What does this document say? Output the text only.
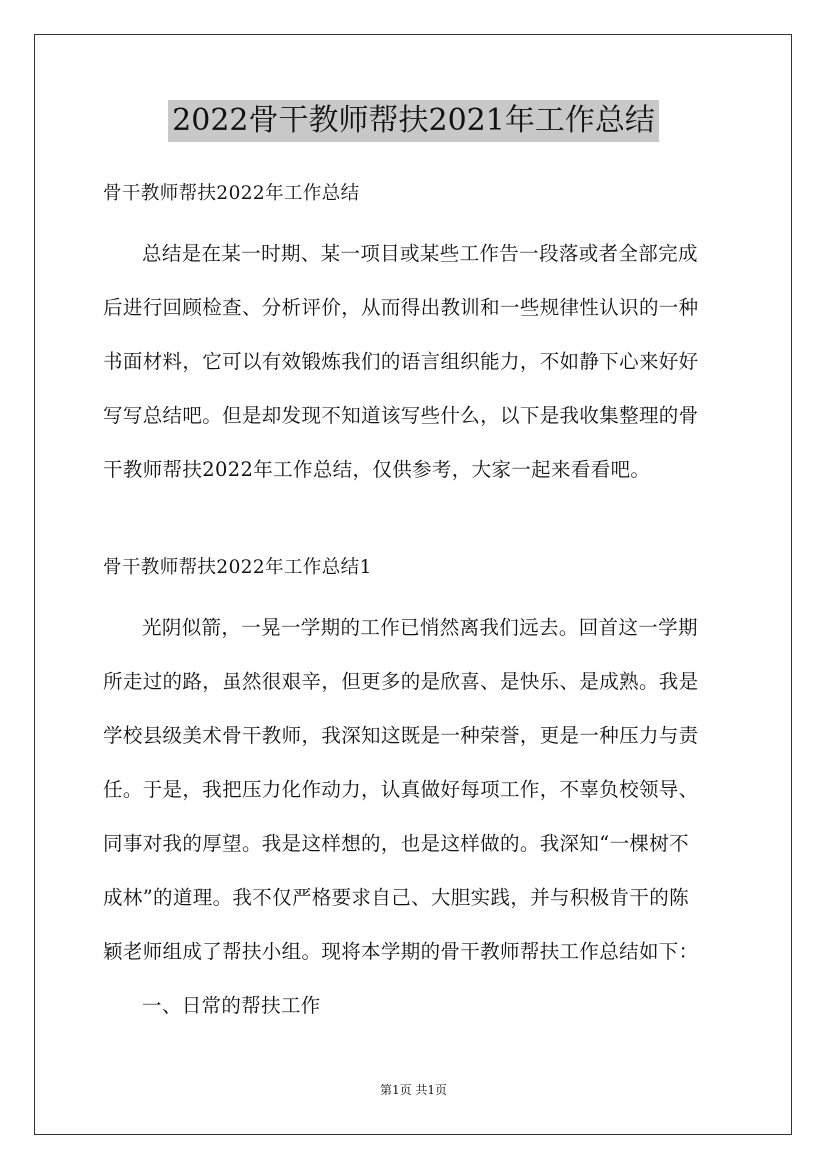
2022骨干教师帮扶2021年工作总结
骨干教师帮扶2022年工作总结
总结是在某一时期、某一项目或某些工作告一段落或者全部完成
后进行回顾检查、分析评价，从而得出教训和一些规律性认识的一种
书面材料，它可以有效锻炼我们的语言组织能力，不如静下心来好好
写写总结吧。但是却发现不知道该写些什么，以下是我收集整理的骨
干教师帮扶2022年工作总结，仅供参考，大家一起来看看吧。
骨干教师帮扶2022年工作总结1
光阴似箭，一晃一学期的工作已悄然离我们远去。回首这一学期
所走过的路，虽然很艰辛，但更多的是欣喜、是快乐、是成熟。我是
学校县级美术骨干教师，我深知这既是一种荣誉，更是一种压力与责
任。于是，我把压力化作动力，认真做好每项工作，不辜负校领导、
同事对我的厚望。我是这样想的，也是这样做的。我深知“一棵树不
成林”的道理。我不仅严格要求自己、大胆实践，并与积极肯干的陈
颖老师组成了帮扶小组。现将本学期的骨干教师帮扶工作总结如下：
一、日常的帮扶工作
第1页 共1页
